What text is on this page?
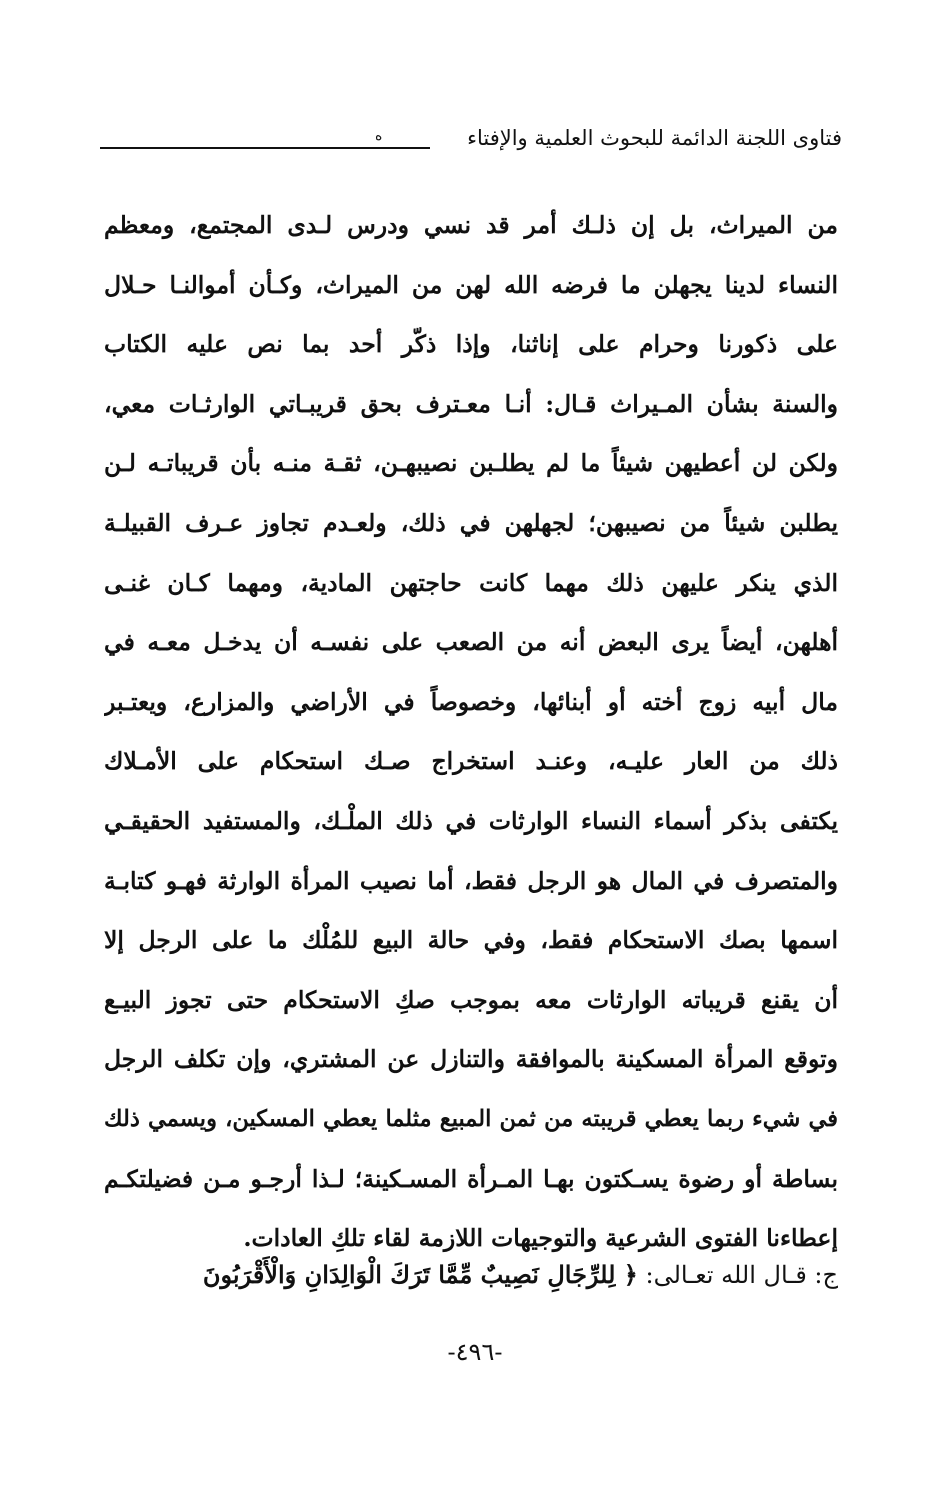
فتاوى اللجنة الدائمة للبحوث العلمية والإفتاء
ه
من الميراث، بل إن ذلـك أمر قد نسي ودرس لـدى المجتمع، ومعظم
النساء لدينا يجهلن ما فرضه الله لهن من الميراث، وكـأن أموالنـا حـلال
على ذكورنا وحرام على إناثنا، وإذا ذكّر أحد بما نص عليه الكتاب
والسنة بشأن المـيراث قـال: أنـا معـترف بحق قريبـاتي الوارثـات معي،
ولكن لن أعطيهن شيئاً ما لم يطلـبن نصيبهـن، ثقـة منـه بأن قريباتـه لـن
يطلبن شيئاً من نصيبهن؛ لجهلهن في ذلك، ولعـدم تجاوز عـرف القبيلـة
الذي ينكر عليهن ذلك مهما كانت حاجتهن المادية، ومهما كـان غنـى
أهلهن، أيضاً يرى البعض أنه من الصعب على نفسـه أن يدخـل معـه في
مال أبيه زوج أخته أو أبنائها، وخصوصاً في الأراضي والمزارع، ويعتـبر
ذلك من العار عليـه، وعنـد استخراج صـك استحكام على الأمـلاك
يكتفى بذكر أسماء النساء الوارثات في ذلك الملْـك، والمستفيد الحقيقـي
والمتصرف في المال هو الرجل فقط، أما نصيب المرأة الوارثة فهـو كتابـة
اسمها بصك الاستحكام فقط، وفي حالة البيع للمُلْك ما على الرجل إلا
أن يقنع قريباته الوارثات معه بموجب صكِ الاستحكام حتى تجوز البيـع
وتوقع المرأة المسكينة بالموافقة والتنازل عن المشتري، وإن تكلف الرجل
في شيء ربما يعطي قريبته من ثمن المبيع مثلما يعطي المسكين، ويسمي ذلك
بساطة أو رضوة يسـكتون بهـا المـرأة المسـكينة؛ لـذا أرجـو مـن فضيلتكـم
إعطاءنا الفتوى الشرعية والتوجيهات اللازمة لقاء تلكِ العادات.
ج: قـال الله تعـالى: ﴿ لِلرِّجَالِ نَصِيبٌ مِّمَّا تَرَكَ الْوَالِدَانِ وَالْأَقْرَبُونَ
-٤٩٦-
